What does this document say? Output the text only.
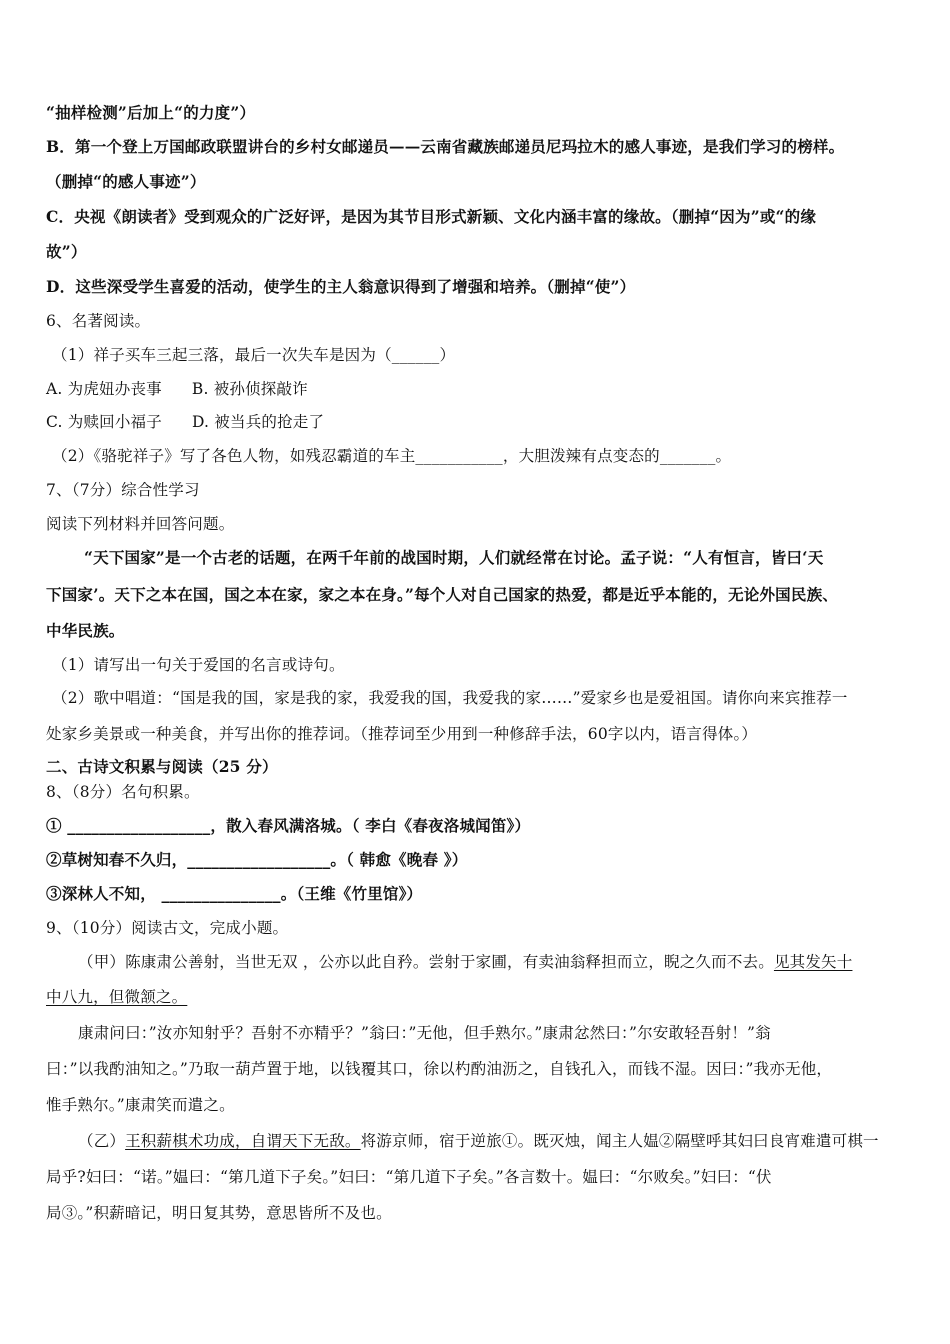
“抽样检测”后加上“的力度”）
B．第一个登上万国邮政联盟讲台的乡村女邮递员——云南省藏族邮递员尼玛拉木的感人事迹，是我们学习的榜样。
（删掉“的感人事迹”）
C．央视《朗读者》受到观众的广泛好评，是因为其节目形式新颖、文化内涵丰富的缘故。（删掉“因为”或“的缘
故”）
D．这些深受学生喜爱的活动，使学生的主人翁意识得到了增强和培养。（删掉“使”）
6、名著阅读。
（1）祥子买车三起三落，最后一次失车是因为（______）
A. 为虎妞办丧事 B. 被孙侦探敲诈
C. 为赎回小福子 D. 被当兵的抢走了
（2）《骆驼祥子》写了各色人物，如残忍霸道的车主___________，大胆泼辣有点变态的_______。
7、（7分）综合性学习
阅读下列材料并回答问题。
“天下国家”是一个古老的话题，在两千年前的战国时期，人们就经常在讨论。孟子说：“人有恒言，皆曰‘天
下国家’。天下之本在国，国之本在家，家之本在身。”每个人对自己国家的热爱，都是近乎本能的，无论外国民族、
中华民族。
（1）请写出一句关于爱国的名言或诗句。
（2）歌中唱道：“国是我的国，家是我的家，我爱我的国，我爱我的家……”爱家乡也是爱祖国。请你向来宾推荐一
处家乡美景或一种美食，并写出你的推荐词。（推荐词至少用到一种修辞手法，60字以内，语言得体。）
二、古诗文积累与阅读（25 分）
8、（8分）名句积累。
① __________________，散入春风满洛城。（ 李白《春夜洛城闻笛》）
②草树知春不久归，__________________。（ 韩愈《晚春 》）
③深林人不知， _______________。（王维《竹里馆》）
9、（10分）阅读古文，完成小题。
（甲）陈康肃公善射，当世无双 ，公亦以此自矜。尝射于家圃，有卖油翁释担而立，睨之久而不去。见其发矢十
中八九，但微颔之。
康肃问曰：”汝亦知射乎？吾射不亦精乎？”翁曰：”无他，但手熟尔。”康肃忿然曰：”尔安敢轻吾射！”翁
曰：”以我酌油知之。”乃取一葫芦置于地，以钱覆其口，徐以杓酌油沥之，自钱孔入，而钱不湿。因曰：”我亦无他，
惟手熟尔。”康肃笑而遣之。
（乙）王积薪棋术功成，自谓天下无敌。将游京师，宿于逆旅①。既灭烛，闻主人媪②隔壁呼其妇曰良宵难遣可棋一
局乎?妇曰：“诺。”媪曰：“第几道下子矣。”妇曰：“第几道下子矣。”各言数十。媪曰：“尔败矣。”妇曰：“伏
局③。”积薪暗记，明日复其势，意思皆所不及也。
